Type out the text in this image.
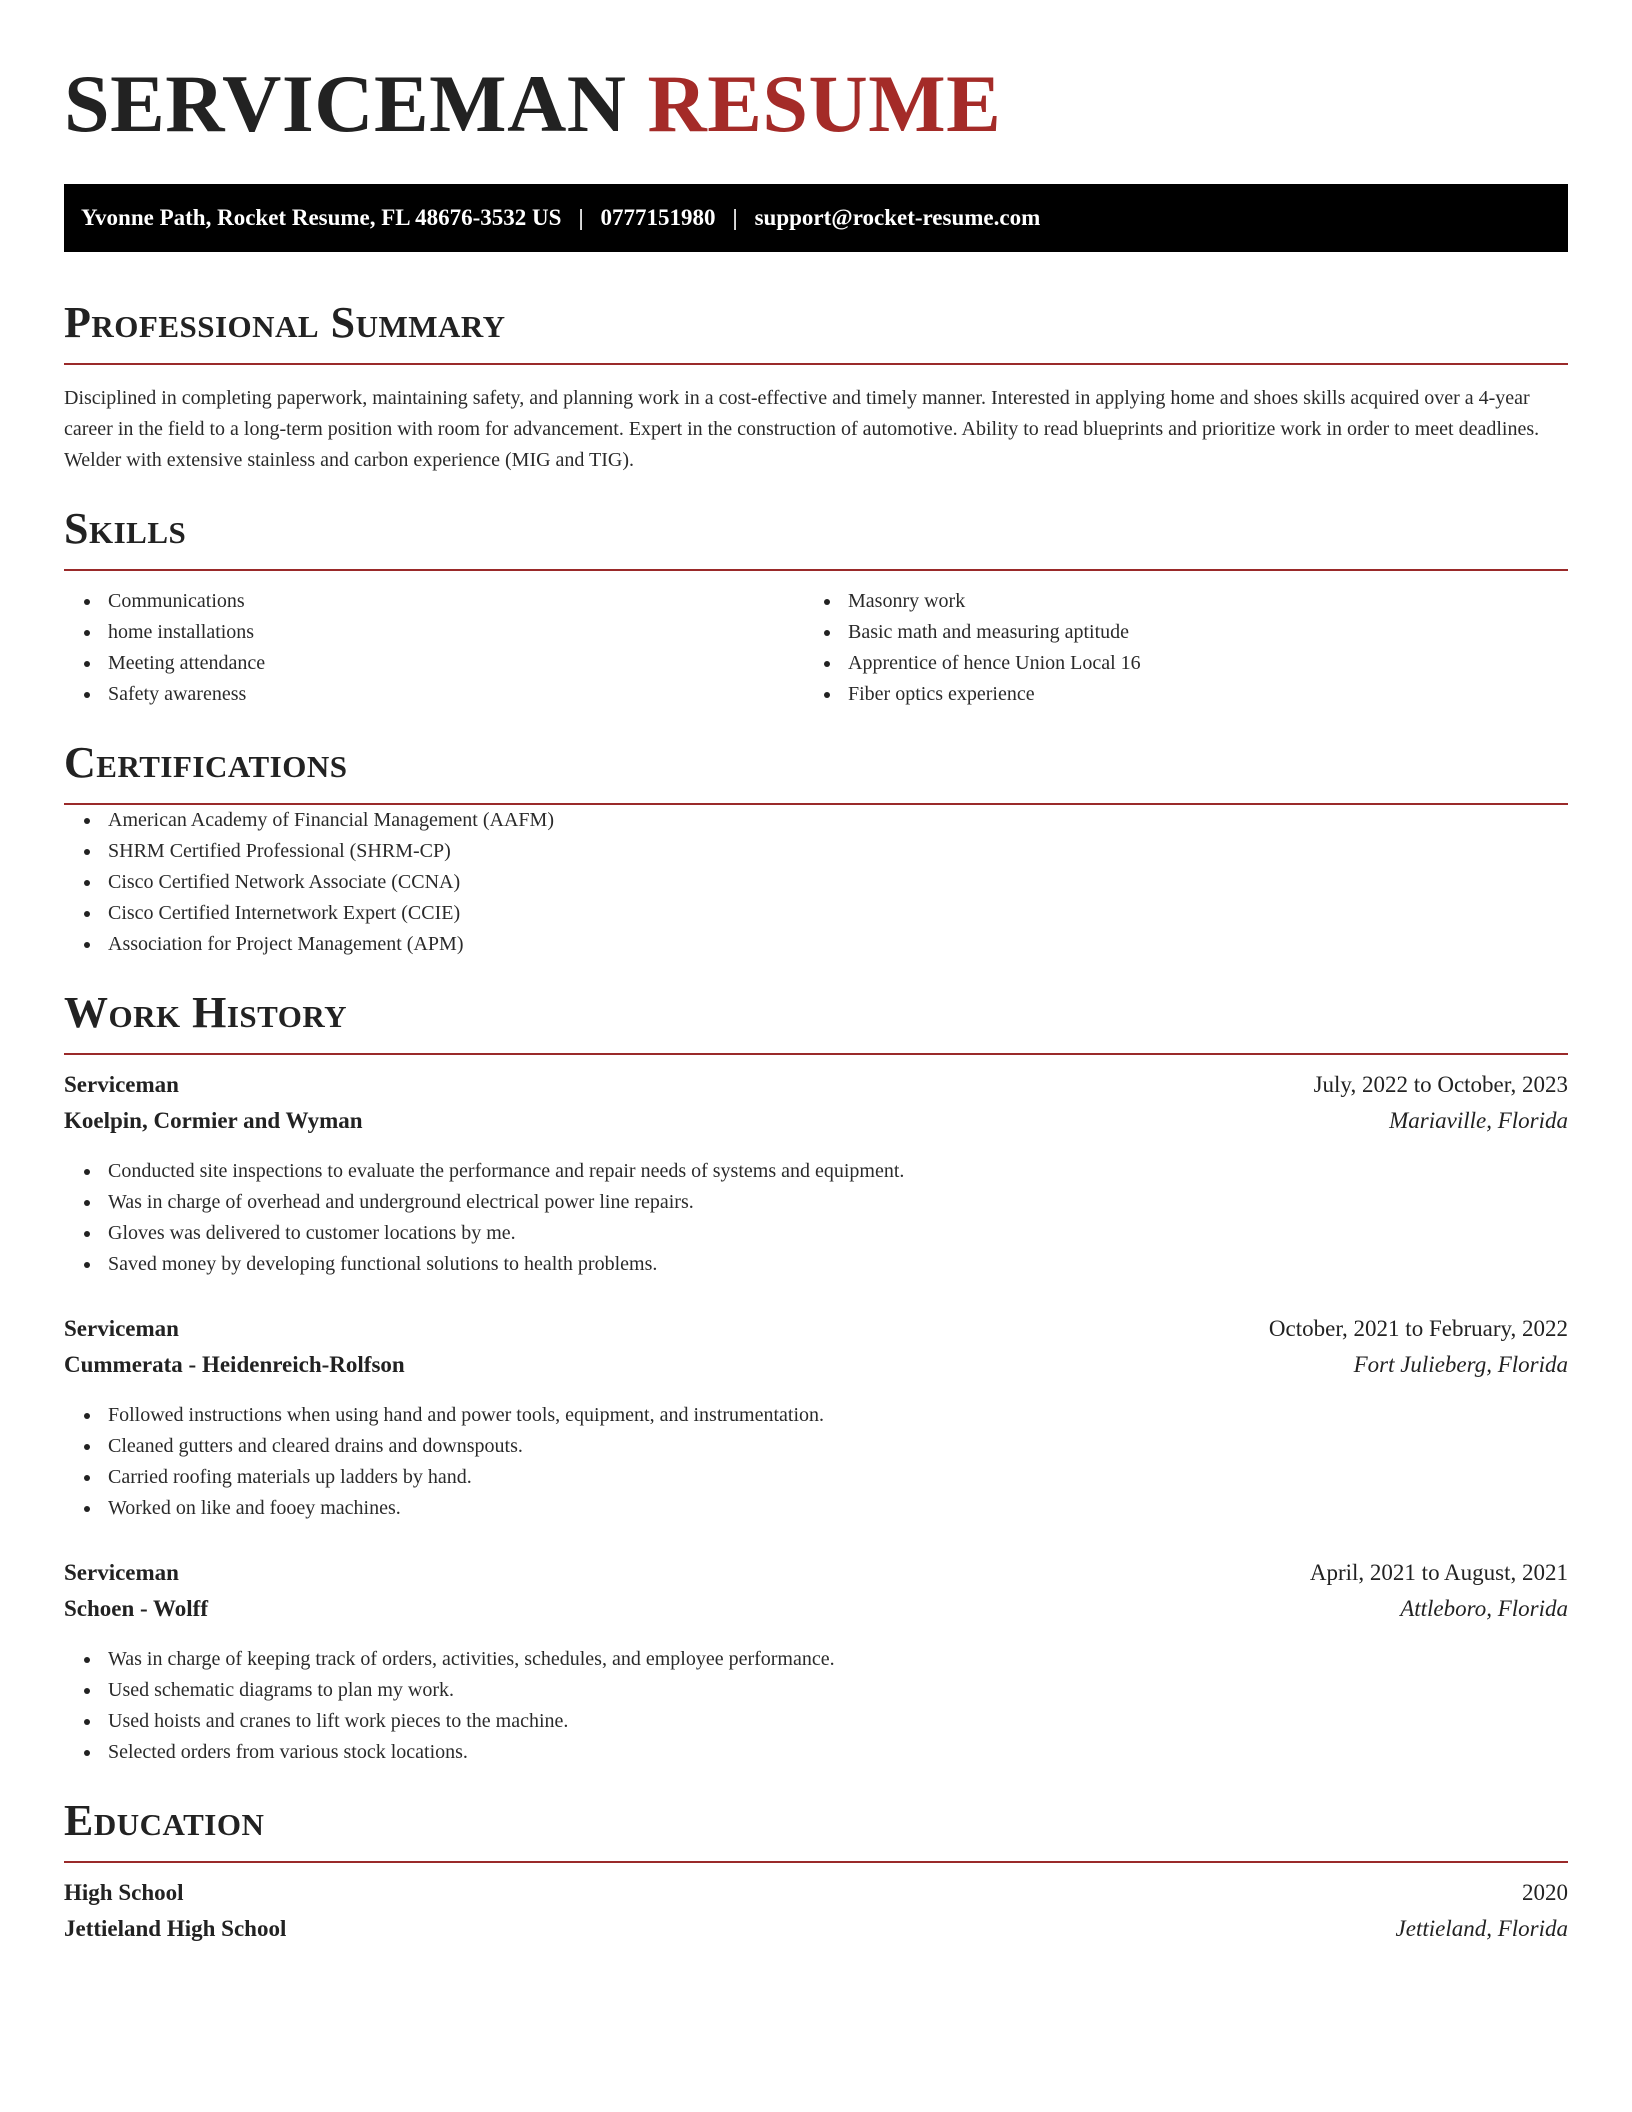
SERVICEMAN RESUME
Yvonne Path, Rocket Resume, FL 48676-3532 US | 0777151980 | support@rocket-resume.com
Professional Summary

Disciplined in completing paperwork, maintaining safety, and planning work in a cost-effective and timely manner. Interested in applying home and shoes skills acquired over a 4-year career in the field to a long-term position with room for advancement. Expert in the construction of automotive. Ability to read blueprints and prioritize work in order to meet deadlines. Welder with extensive stainless and carbon experience (MIG and TIG).

Skills
Communications
home installations
Meeting attendance
Safety awareness
Masonry work
Basic math and measuring aptitude
Apprentice of hence Union Local 16
Fiber optics experience
Certifications
American Academy of Financial Management (AAFM)
SHRM Certified Professional (SHRM-CP)
Cisco Certified Network Associate (CCNA)
Cisco Certified Internetwork Expert (CCIE)
Association for Project Management (APM)
Work History
Serviceman	July, 2022 to October, 2023
Koelpin, Cormier and Wyman	Mariaville, Florida
Conducted site inspections to evaluate the performance and repair needs of systems and equipment.
Was in charge of overhead and underground electrical power line repairs.
Gloves was delivered to customer locations by me.
Saved money by developing functional solutions to health problems.
Serviceman	October, 2021 to February, 2022
Cummerata - Heidenreich-Rolfson	Fort Julieberg, Florida
Followed instructions when using hand and power tools, equipment, and instrumentation.
Cleaned gutters and cleared drains and downspouts.
Carried roofing materials up ladders by hand.
Worked on like and fooey machines.
Serviceman	April, 2021 to August, 2021
Schoen - Wolff	Attleboro, Florida
Was in charge of keeping track of orders, activities, schedules, and employee performance.
Used schematic diagrams to plan my work.
Used hoists and cranes to lift work pieces to the machine.
Selected orders from various stock locations.
Education
High School	2020
Jettieland High School	Jettieland, Florida
